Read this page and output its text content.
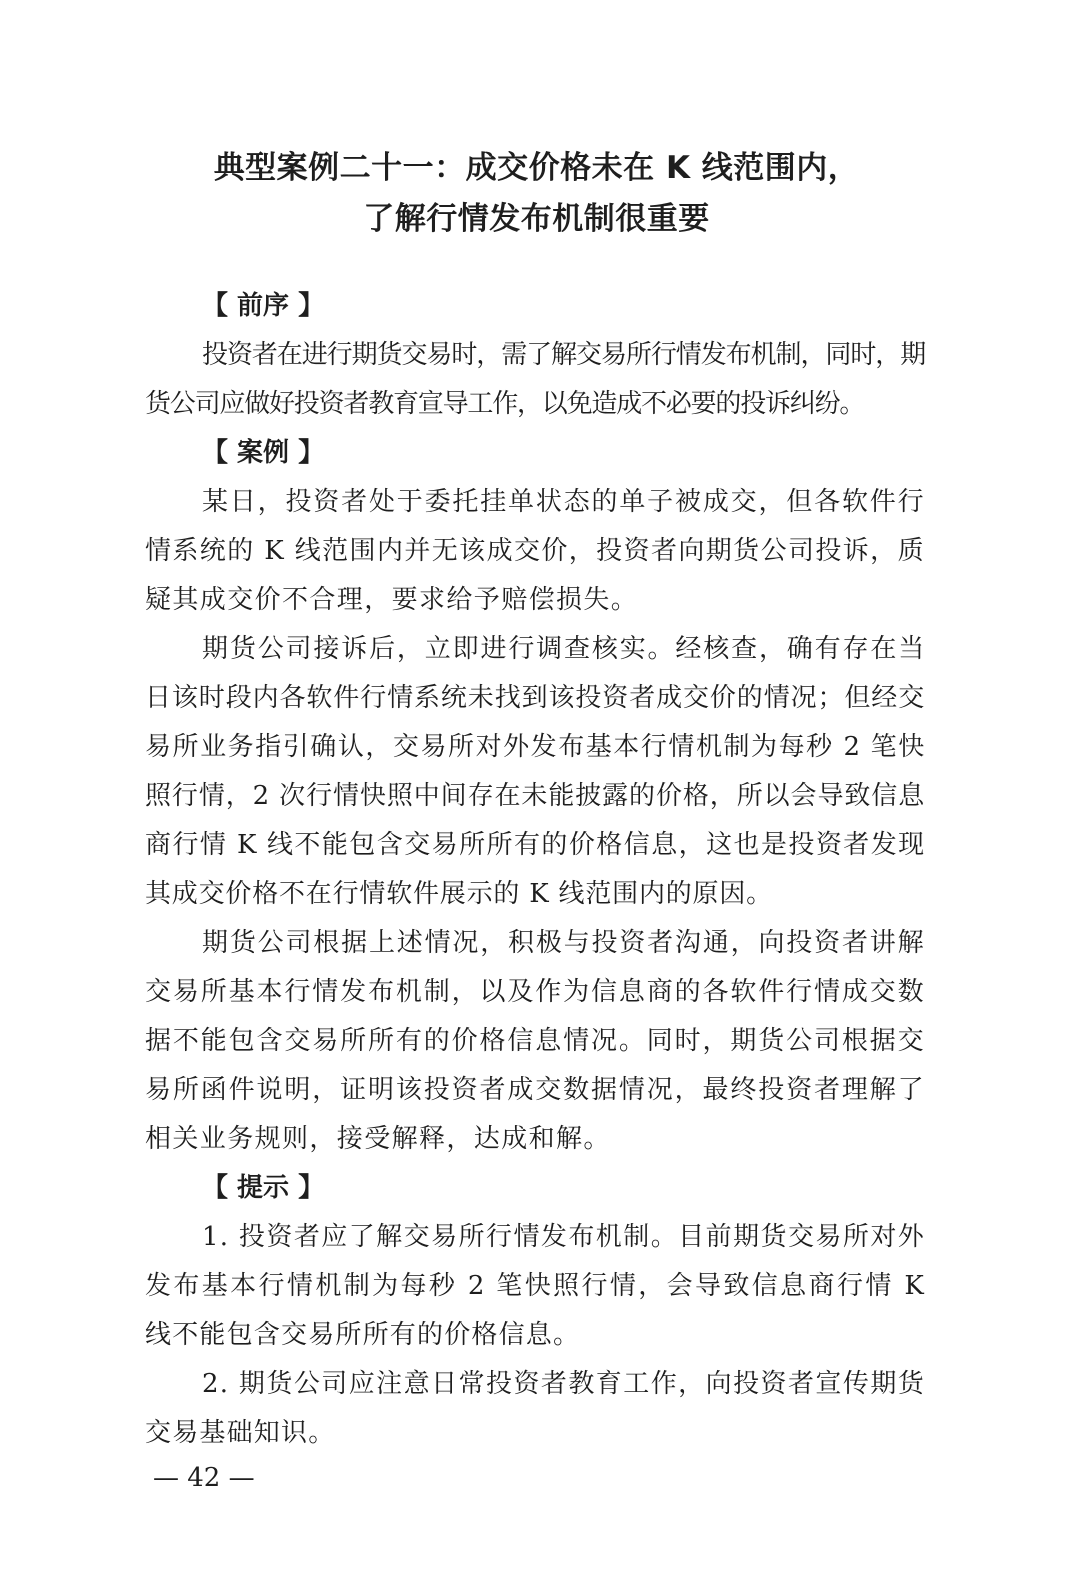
典型案例二十一：成交价格未在 K 线范围内，
了解行情发布机制很重要
【 前序 】

投资者在进行期货交易时，需了解交易所行情发布机制，同时，期货公司应做好投资者教育宣导工作，以免造成不必要的投诉纠纷。

【 案例 】

某日，投资者处于委托挂单状态的单子被成交，但各软件行情系统的 K 线范围内并无该成交价，投资者向期货公司投诉，质疑其成交价不合理，要求给予赔偿损失。

期货公司接诉后，立即进行调查核实。经核查，确有存在当日该时段内各软件行情系统未找到该投资者成交价的情况；但经交易所业务指引确认，交易所对外发布基本行情机制为每秒 2 笔快照行情，2 次行情快照中间存在未能披露的价格，所以会导致信息商行情 K 线不能包含交易所所有的价格信息，这也是投资者发现其成交价格不在行情软件展示的 K 线范围内的原因。

期货公司根据上述情况，积极与投资者沟通，向投资者讲解交易所基本行情发布机制，以及作为信息商的各软件行情成交数据不能包含交易所所有的价格信息情况。同时，期货公司根据交易所函件说明，证明该投资者成交数据情况，最终投资者理解了相关业务规则，接受解释，达成和解。

【 提示 】

1. 投资者应了解交易所行情发布机制。目前期货交易所对外发布基本行情机制为每秒 2 笔快照行情，会导致信息商行情 K 线不能包含交易所所有的价格信息。

2. 期货公司应注意日常投资者教育工作，向投资者宣传期货交易基础知识。

— 42 —
